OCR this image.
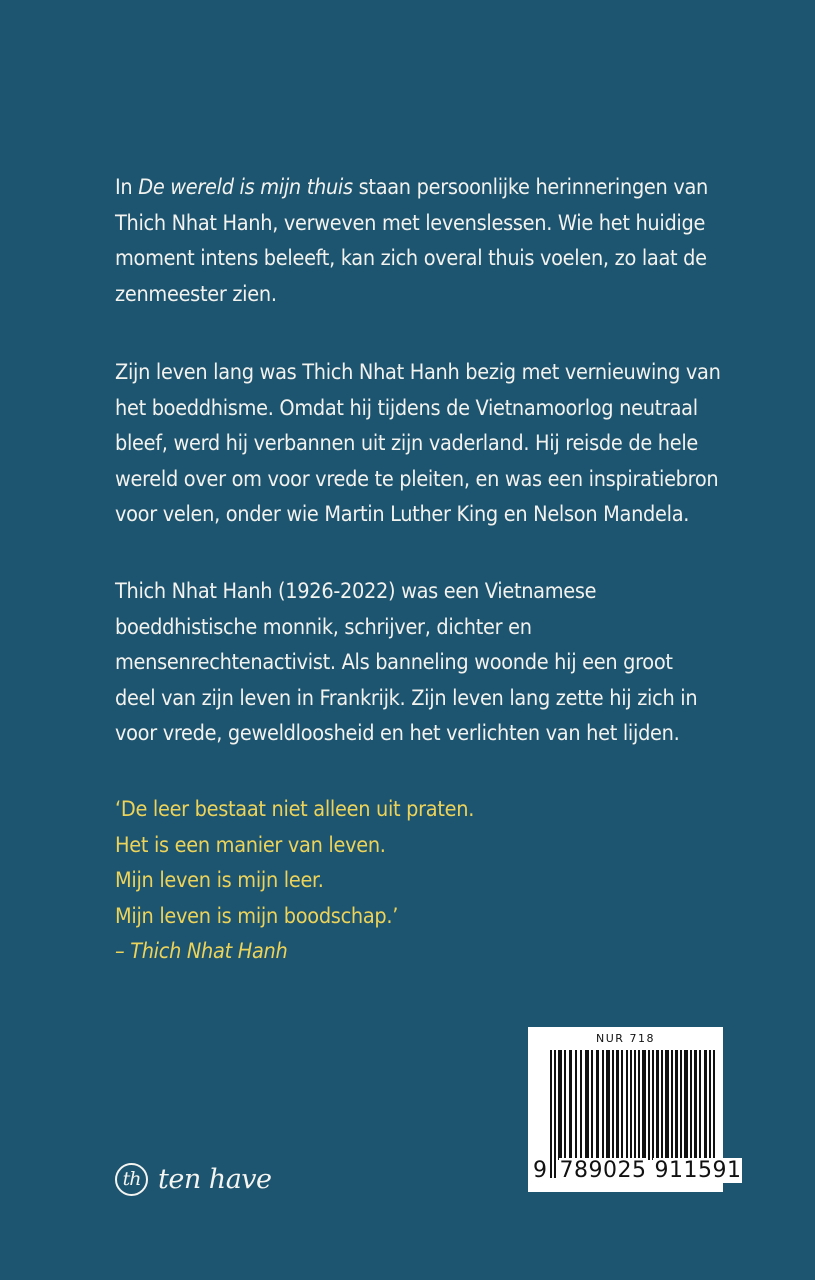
In De wereld is mijn thuis staan persoonlijke herinneringen van
Thich Nhat Hanh, verweven met levenslessen. Wie het huidige
moment intens beleeft, kan zich overal thuis voelen, zo laat de
zenmeester zien.
Zijn leven lang was Thich Nhat Hanh bezig met vernieuwing van
het boeddhisme. Omdat hij tijdens de Vietnamoorlog neutraal
bleef, werd hij verbannen uit zijn vaderland. Hij reisde de hele
wereld over om voor vrede te pleiten, en was een inspiratiebron
voor velen, onder wie Martin Luther King en Nelson Mandela.
Thich Nhat Hanh (1926-2022) was een Vietnamese
boeddhistische monnik, schrijver, dichter en
mensenrechtenactivist. Als banneling woonde hij een groot
deel van zijn leven in Frankrijk. Zijn leven lang zette hij zich in
voor vrede, geweldloosheid en het verlichten van het lijden.
‘De leer bestaat niet alleen uit praten.
Het is een manier van leven.
Mijn leven is mijn leer.
Mijn leven is mijn boodschap.’
– Thich Nhat Hanh
NUR 718
9 789025 911591
th ten have
